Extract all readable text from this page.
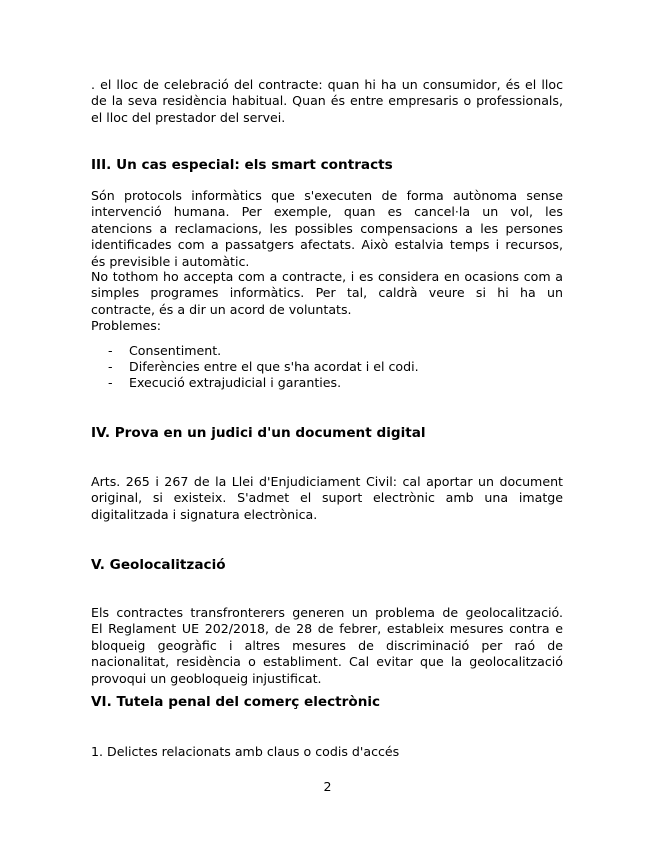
. el lloc de celebració del contracte: quan hi ha un consumidor, és el lloc
de la seva residència habitual. Quan és entre empresaris o professionals,
el lloc del prestador del servei.
III. Un cas especial: els smart contracts
Són protocols informàtics que s'executen de forma autònoma sense
intervenció humana. Per exemple, quan es cancel·la un vol, les
atencions a reclamacions, les possibles compensacions a les persones
identificades com a passatgers afectats. Això estalvia temps i recursos,
és previsible i automàtic.
No tothom ho accepta com a contracte, i es considera en ocasions com a
simples programes informàtics. Per tal, caldrà veure si hi ha un
contracte, és a dir un acord de voluntats.
Problemes:
- Consentiment.
- Diferències entre el que s'ha acordat i el codi.
- Execució extrajudicial i garanties.
IV. Prova en un judici d'un document digital
Arts. 265 i 267 de la Llei d'Enjudiciament Civil: cal aportar un document
original, si existeix. S'admet el suport electrònic amb una imatge
digitalitzada i signatura electrònica.
V. Geolocalització
Els contractes transfronterers generen un problema de geolocalització.
El Reglament UE 202/2018, de 28 de febrer, estableix mesures contra e
bloqueig geogràfic i altres mesures de discriminació per raó de
nacionalitat, residència o establiment. Cal evitar que la geolocalització
provoqui un geobloqueig injustificat.
VI. Tutela penal del comerç electrònic
1. Delictes relacionats amb claus o codis d'accés
2
